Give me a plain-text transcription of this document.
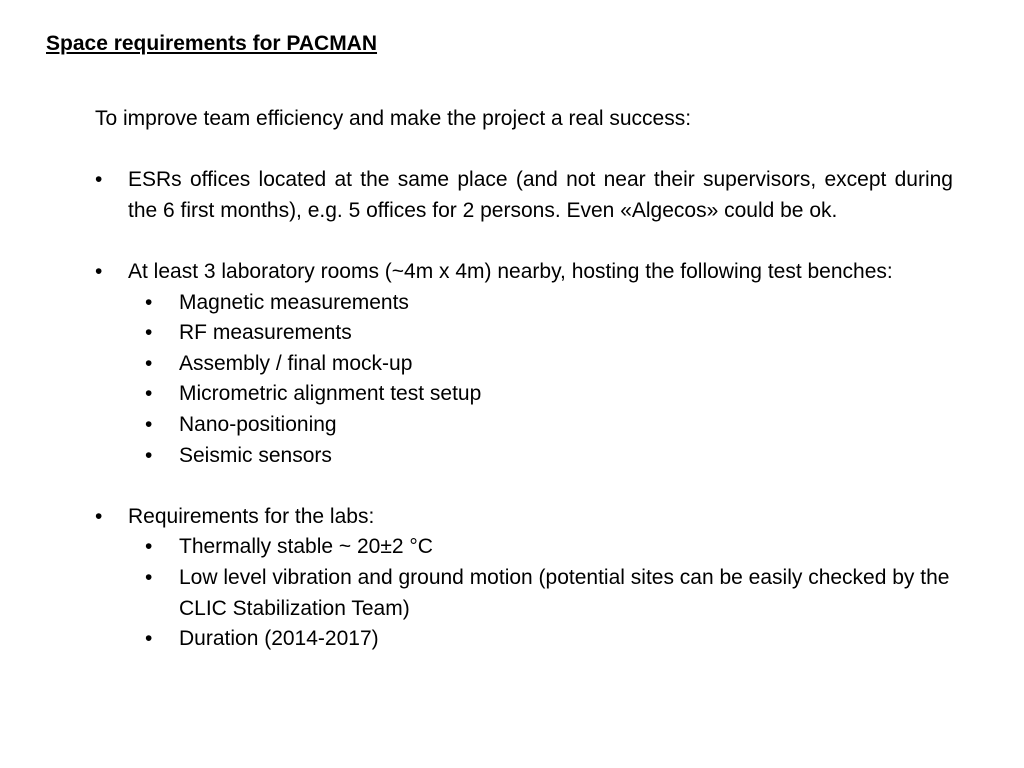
Space requirements for PACMAN

To improve team efficiency and make the project a real success:

•	ESRs offices located at the same place (and not near their supervisors, except during the 6 first months), e.g. 5 offices for 2 persons. Even «Algecos» could be ok.
•	At least 3 laboratory rooms (~4m x 4m) nearby, hosting the following test benches:
• Magnetic measurements
• RF measurements
• Assembly / final mock-up
• Micrometric alignment test setup
• Nano-positioning
• Seismic sensors
•	Requirements for the labs:
• Thermally stable ~ 20±2 °C
• Low level vibration and ground motion (potential sites can be easily checked by the CLIC Stabilization Team)
• Duration (2014-2017)
